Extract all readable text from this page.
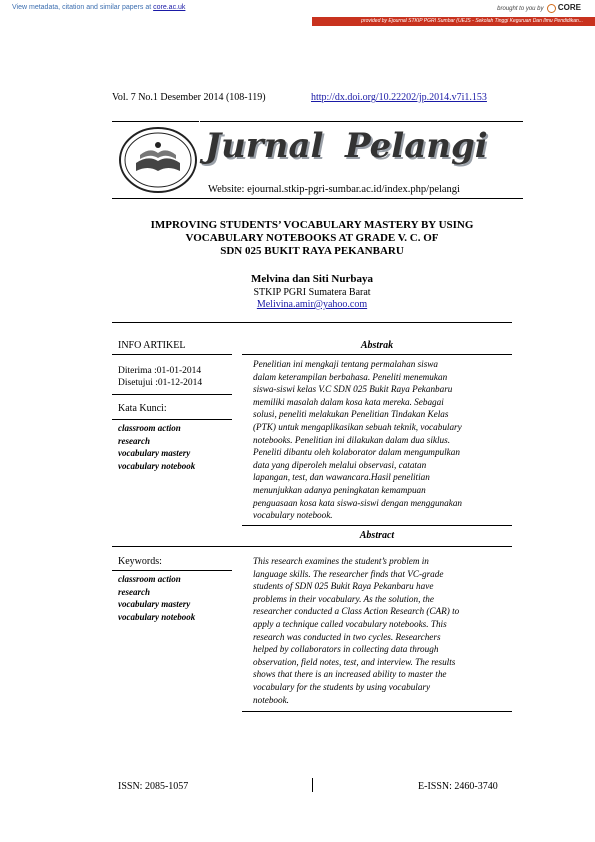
View metadata, citation and similar papers at core.ac.uk	brought to you by CORE
provided by Ejournal STKIP PGRI Sumbar (UEJS - Sekolah Tinggi Keguruan Dan Ilmu Pendidikan...
Vol. 7 No.1 Desember 2014 (108-119)	http://dx.doi.org/10.22202/jp.2014.v7i1.153
Jurnal Pelangi
Website: ejournal.stkip-pgri-sumbar.ac.id/index.php/pelangi
IMPROVING STUDENTS’ VOCABULARY MASTERY BY USING
VOCABULARY NOTEBOOKS AT GRADE V. C. OF
SDN 025 BUKIT RAYA PEKANBARU
Melvina dan Siti Nurbaya
STKIP PGRI Sumatera Barat
Melivina.amir@yahoo.com
INFO ARTIKEL
Diterima :01-01-2014
Disetujui :01-12-2014
Kata Kunci:
classroom action
research
vocabulary mastery
vocabulary notebook
Abstrak
Penelitian ini mengkaji tentang permalahan siswa
dalam keterampilan berbahasa. Peneliti menemukan
siswa-siswi kelas V.C SDN 025 Bukit Raya Pekanbaru
memiliki masalah dalam kosa kata mereka. Sebagai
solusi, peneliti melakukan Penelitian Tindakan Kelas
(PTK) untuk mengaplikasikan sebuah teknik, vocabulary
notebooks. Penelitian ini dilakukan dalam dua siklus.
Peneliti dibantu oleh kolaborator dalam mengumpulkan
data yang diperoleh melalui observasi, catatan
lapangan, test, dan wawancara.Hasil penelitian
menunjukkan adanya peningkatan kemampuan
penguasaan kosa kata siswa-siswi dengan menggunakan
vocabulary notebook.
Abstract
Keywords:
classroom action
research
vocabulary mastery
vocabulary notebook
This research examines the student’s problem in
language skills. The researcher finds that VC-grade
students of SDN 025 Bukit Raya Pekanbaru have
problems in their vocabulary. As the solution, the
researcher conducted a Class Action Research (CAR) to
apply a technique called vocabulary notebooks. This
research was conducted in two cycles. Researchers
helped by collaborators in collecting data through
observation, field notes, test, and interview. The results
shows that there is an increased ability to master the
vocabulary for the students by using vocabulary
notebook.
ISSN: 2085-1057	E-ISSN: 2460-3740
